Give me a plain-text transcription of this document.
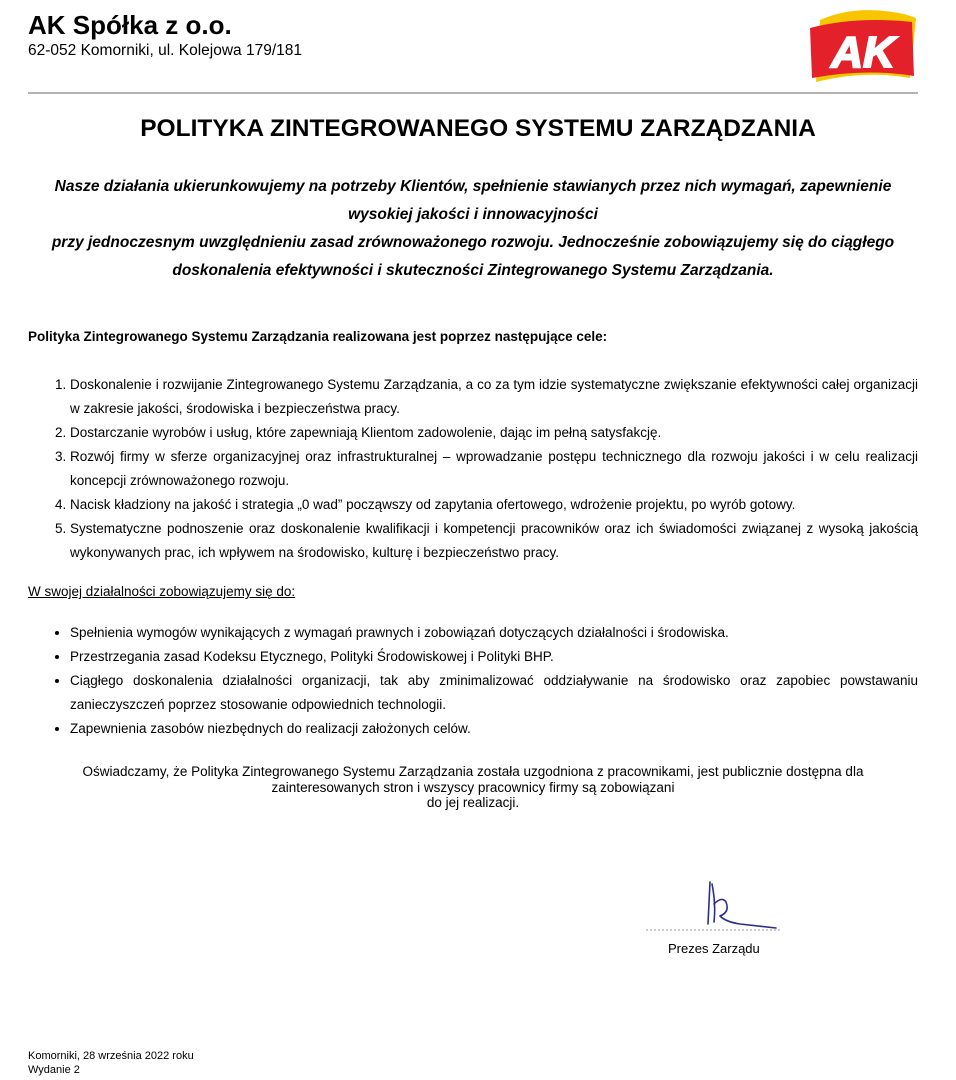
AK Spółka z o.o.
62-052 Komorniki, ul. Kolejowa 179/181	AK
POLITYKA ZINTEGROWANEGO SYSTEMU ZARZĄDZANIA

Nasze działania ukierunkowujemy na potrzeby Klientów, spełnienie stawianych przez nich wymagań, zapewnienie wysokiej jakości i innowacyjności

przy jednoczesnym uwzględnieniu zasad zrównoważonego rozwoju. Jednocześnie zobowiązujemy się do ciągłego doskonalenia efektywności i skuteczności Zintegrowanego Systemu Zarządzania.

Polityka Zintegrowanego Systemu Zarządzania realizowana jest poprzez następujące cele:

1. Doskonalenie i rozwijanie Zintegrowanego Systemu Zarządzania, a co za tym idzie systematyczne zwiększanie efektywności całej organizacji w zakresie jakości, środowiska i bezpieczeństwa pracy.
2. Dostarczanie wyrobów i usług, które zapewniają Klientom zadowolenie, dając im pełną satysfakcję.
3. Rozwój firmy w sferze organizacyjnej oraz infrastrukturalnej – wprowadzanie postępu technicznego dla rozwoju jakości i w celu realizacji koncepcji zrównoważonego rozwoju.
4. Nacisk kładziony na jakość i strategia „0 wad” począwszy od zapytania ofertowego, wdrożenie projektu, po wyrób gotowy.
5. Systematyczne podnoszenie oraz doskonalenie kwalifikacji i kompetencji pracowników oraz ich świadomości związanej z wysoką jakością wykonywanych prac, ich wpływem na środowisko, kulturę i bezpieczeństwo pracy.
W swojej działalności zobowiązujemy się do:
• Spełnienia wymogów wynikających z wymagań prawnych i zobowiązań dotyczących działalności i środowiska.
• Przestrzegania zasad Kodeksu Etycznego, Polityki Środowiskowej i Polityki BHP.
• Ciągłego doskonalenia działalności organizacji, tak aby zminimalizować oddziaływanie na środowisko oraz zapobiec powstawaniu zanieczyszczeń poprzez stosowanie odpowiednich technologii.
• Zapewnienia zasobów niezbędnych do realizacji założonych celów.

Oświadczamy, że Polityka Zintegrowanego Systemu Zarządzania została uzgodniona z pracownikami, jest publicznie dostępna dla
zainteresowanych stron i wszyscy pracownicy firmy są zobowiązani
do jej realizacji.

Prezes Zarządu
Komorniki, 28 września 2022 roku
Wydanie 2
